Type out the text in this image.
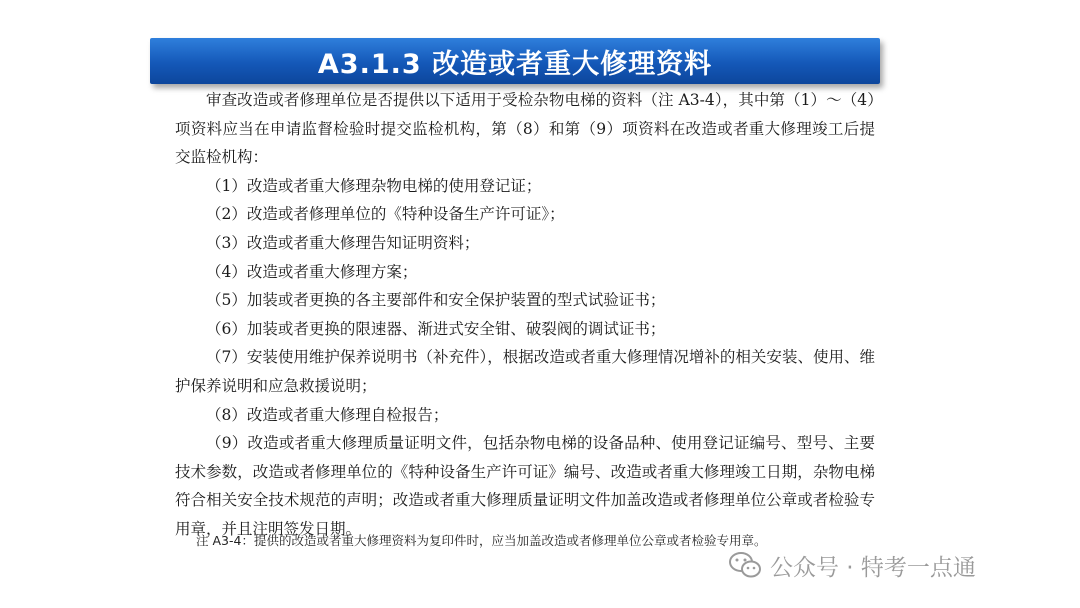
A3.1.3 改造或者重大修理资料

审查改造或者修理单位是否提供以下适用于受检杂物电梯的资料（注 A3-4），其中第（1）～（4）项资料应当在申请监督检验时提交监检机构，第（8）和第（9）项资料在改造或者重大修理竣工后提交监检机构：

（1）改造或者重大修理杂物电梯的使用登记证；

（2）改造或者修理单位的《特种设备生产许可证》；

（3）改造或者重大修理告知证明资料；

（4）改造或者重大修理方案；

（5）加装或者更换的各主要部件和安全保护装置的型式试验证书；

（6）加装或者更换的限速器、渐进式安全钳、破裂阀的调试证书；

（7）安装使用维护保养说明书（补充件），根据改造或者重大修理情况增补的相关安装、使用、维护保养说明和应急救援说明；

（8）改造或者重大修理自检报告；

（9）改造或者重大修理质量证明文件，包括杂物电梯的设备品种、使用登记证编号、型号、主要技术参数，改造或者修理单位的《特种设备生产许可证》编号、改造或者重大修理竣工日期，杂物电梯符合相关安全技术规范的声明；改造或者重大修理质量证明文件加盖改造或者修理单位公章或者检验专用章，并且注明签发日期。

注 A3-4：提供的改造或者重大修理资料为复印件时，应当加盖改造或者修理单位公章或者检验专用章。
公众号 · 特考一点通
